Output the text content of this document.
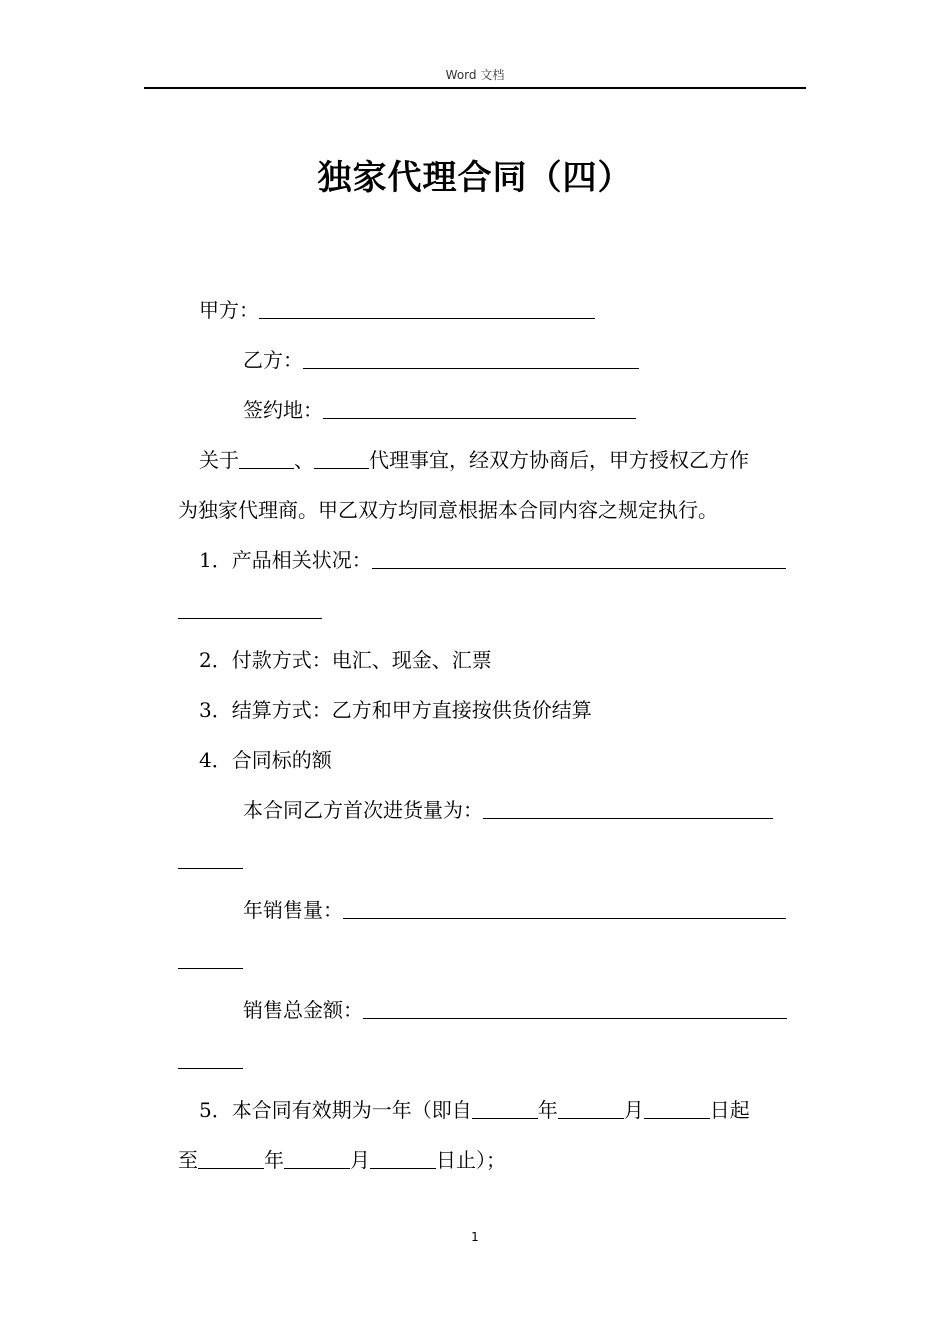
Word 文档
独家代理合同（四）
甲方：
乙方：
签约地：
关于	、	代理事宜，经双方协商后，甲方授权乙方作
为独家代理商。甲乙双方均同意根据本合同内容之规定执行。
1．产品相关状况：
2．付款方式：电汇、现金、汇票
3．结算方式：乙方和甲方直接按供货价结算
4．合同标的额
本合同乙方首次进货量为：
年销售量：
销售总金额：
5．本合同有效期为一年（即自	年	月	日起
至	年	月	日止）；
1
